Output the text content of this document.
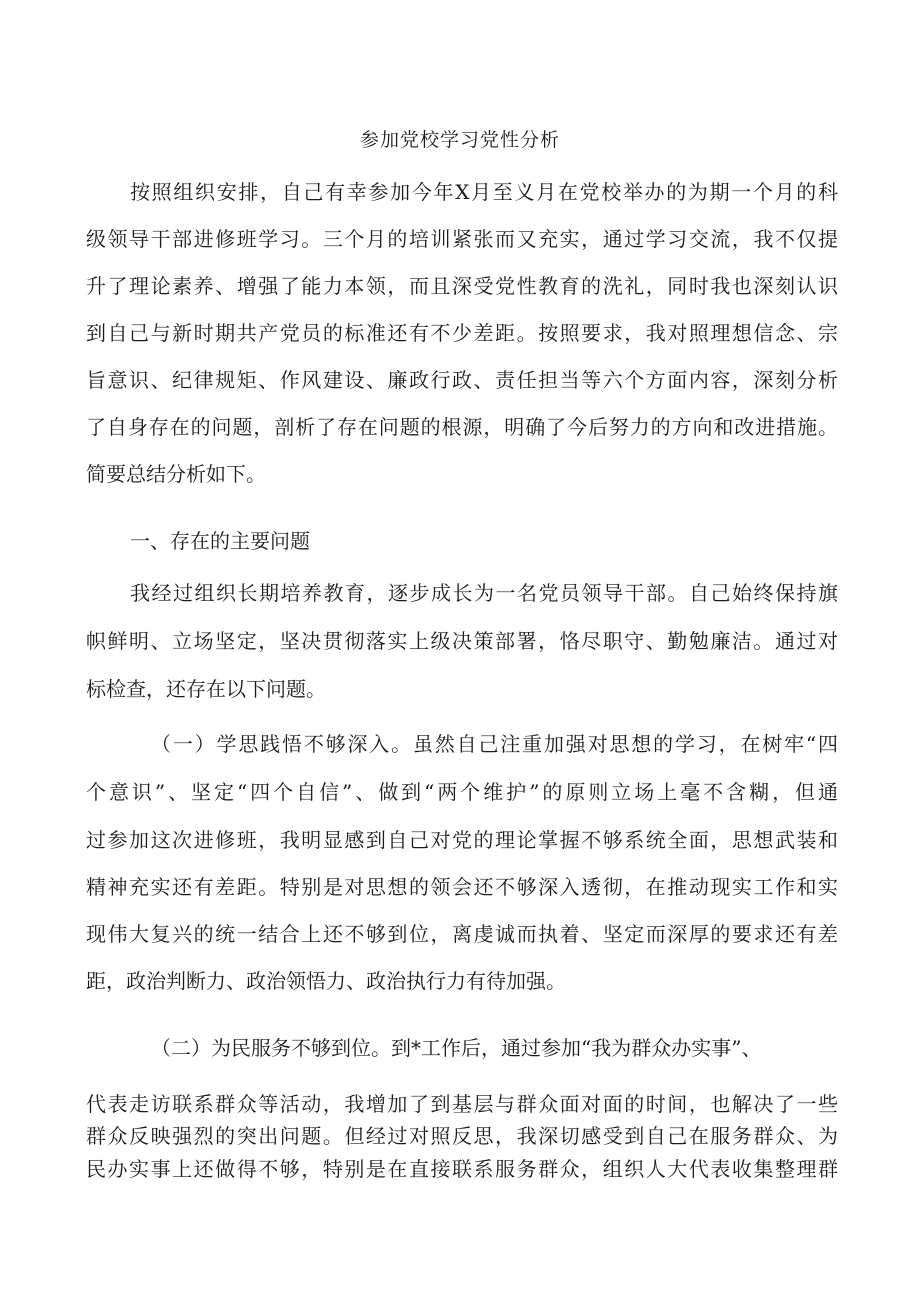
参加党校学习党性分析
按照组织安排，自己有幸参加今年X月至义月在党校举办的为期一个月的科
级领导干部进修班学习。三个月的培训紧张而又充实，通过学习交流，我不仅提
升了理论素养、增强了能力本领，而且深受党性教育的洗礼，同时我也深刻认识
到自己与新时期共产党员的标准还有不少差距。按照要求，我对照理想信念、宗
旨意识、纪律规矩、作风建设、廉政行政、责任担当等六个方面内容，深刻分析
了自身存在的问题，剖析了存在问题的根源，明确了今后努力的方向和改进措施。
简要总结分析如下。
一、存在的主要问题
我经过组织长期培养教育，逐步成长为一名党员领导干部。自己始终保持旗
帜鲜明、立场坚定，坚决贯彻落实上级决策部署，恪尽职守、勤勉廉洁。通过对
标检查，还存在以下问题。
（一）学思践悟不够深入。虽然自己注重加强对思想的学习，在树牢“四
个意识”、坚定“四个自信”、做到“两个维护”的原则立场上毫不含糊，但通
过参加这次进修班，我明显感到自己对党的理论掌握不够系统全面，思想武装和
精神充实还有差距。特别是对思想的领会还不够深入透彻，在推动现实工作和实
现伟大复兴的统一结合上还不够到位，离虔诚而执着、坚定而深厚的要求还有差
距，政治判断力、政治领悟力、政治执行力有待加强。
（二）为民服务不够到位。到*工作后，通过参加“我为群众办实事”、
代表走访联系群众等活动，我增加了到基层与群众面对面的时间，也解决了一些
群众反映强烈的突出问题。但经过对照反思，我深切感受到自己在服务群众、为
民办实事上还做得不够，特别是在直接联系服务群众，组织人大代表收集整理群
